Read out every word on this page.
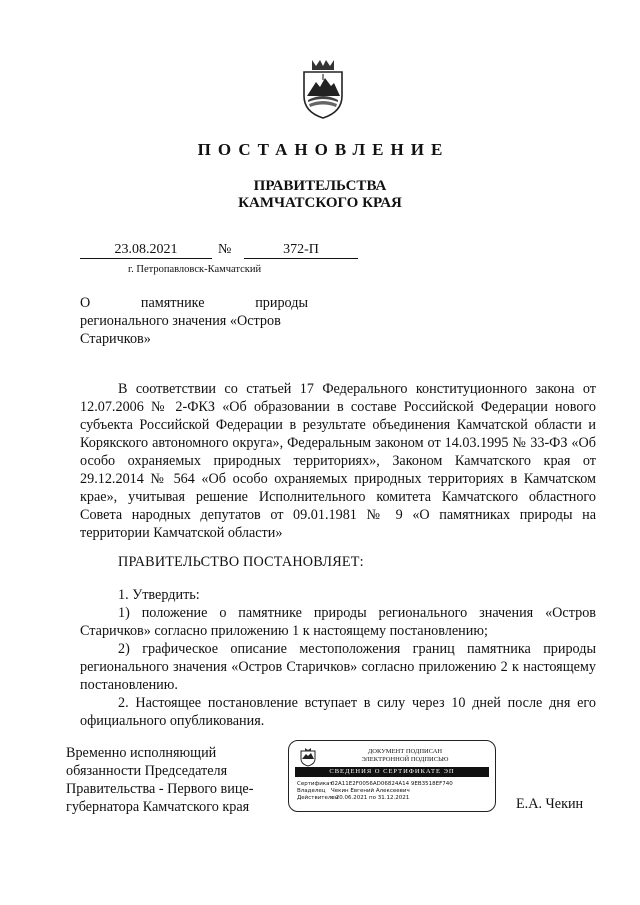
ПОСТАНОВЛЕНИЕ
ПРАВИТЕЛЬСТВА
КАМЧАТСКОГО КРАЯ
23.08.2021	№	372-П
г. Петропавловск-Камчатский
О	памятнике	природы
регионального значения «Остров
Старичков»
В соответствии со статьей 17 Федерального конституционного закона от 12.07.2006 № 2-ФКЗ «Об образовании в составе Российской Федерации нового субъекта Российской Федерации в результате объединения Камчатской области и Корякского автономного округа», Федеральным законом от 14.03.1995 № 33-ФЗ «Об особо охраняемых природных территориях», Законом Камчатского края от 29.12.2014 № 564 «Об особо охраняемых природных территориях в Камчатском крае», учитывая решение Исполнительного комитета Камчатского областного Совета народных депутатов от 09.01.1981 № 9 «О памятниках природы на территории Камчатской области»
ПРАВИТЕЛЬСТВО ПОСТАНОВЛЯЕТ:

1. Утвердить:

1) положение о памятнике природы регионального значения «Остров Старичков» согласно приложению 1 к настоящему постановлению;

2) графическое описание местоположения границ памятника природы регионального значения «Остров Старичков» согласно приложению 2 к настоящему постановлению.

2. Настоящее постановление вступает в силу через 10 дней после дня его официального опубликования.

Временно исполняющий
обязанности Председателя
Правительства - Первого вице-
губернатора Камчатского края
ДОКУМЕНТ ПОДПИСАН
ЭЛЕКТРОННОЙ ПОДПИСЬЮ
СВЕДЕНИЯ О СЕРТИФИКАТЕ ЭП
Сертификат
02A11E2F0056AD06824A14 9EB3518EF740
Владелец	Чекин Евгений Алексеевич
Действителен
с 20.06.2021 по 31.12.2021	Е.А. Чекин
